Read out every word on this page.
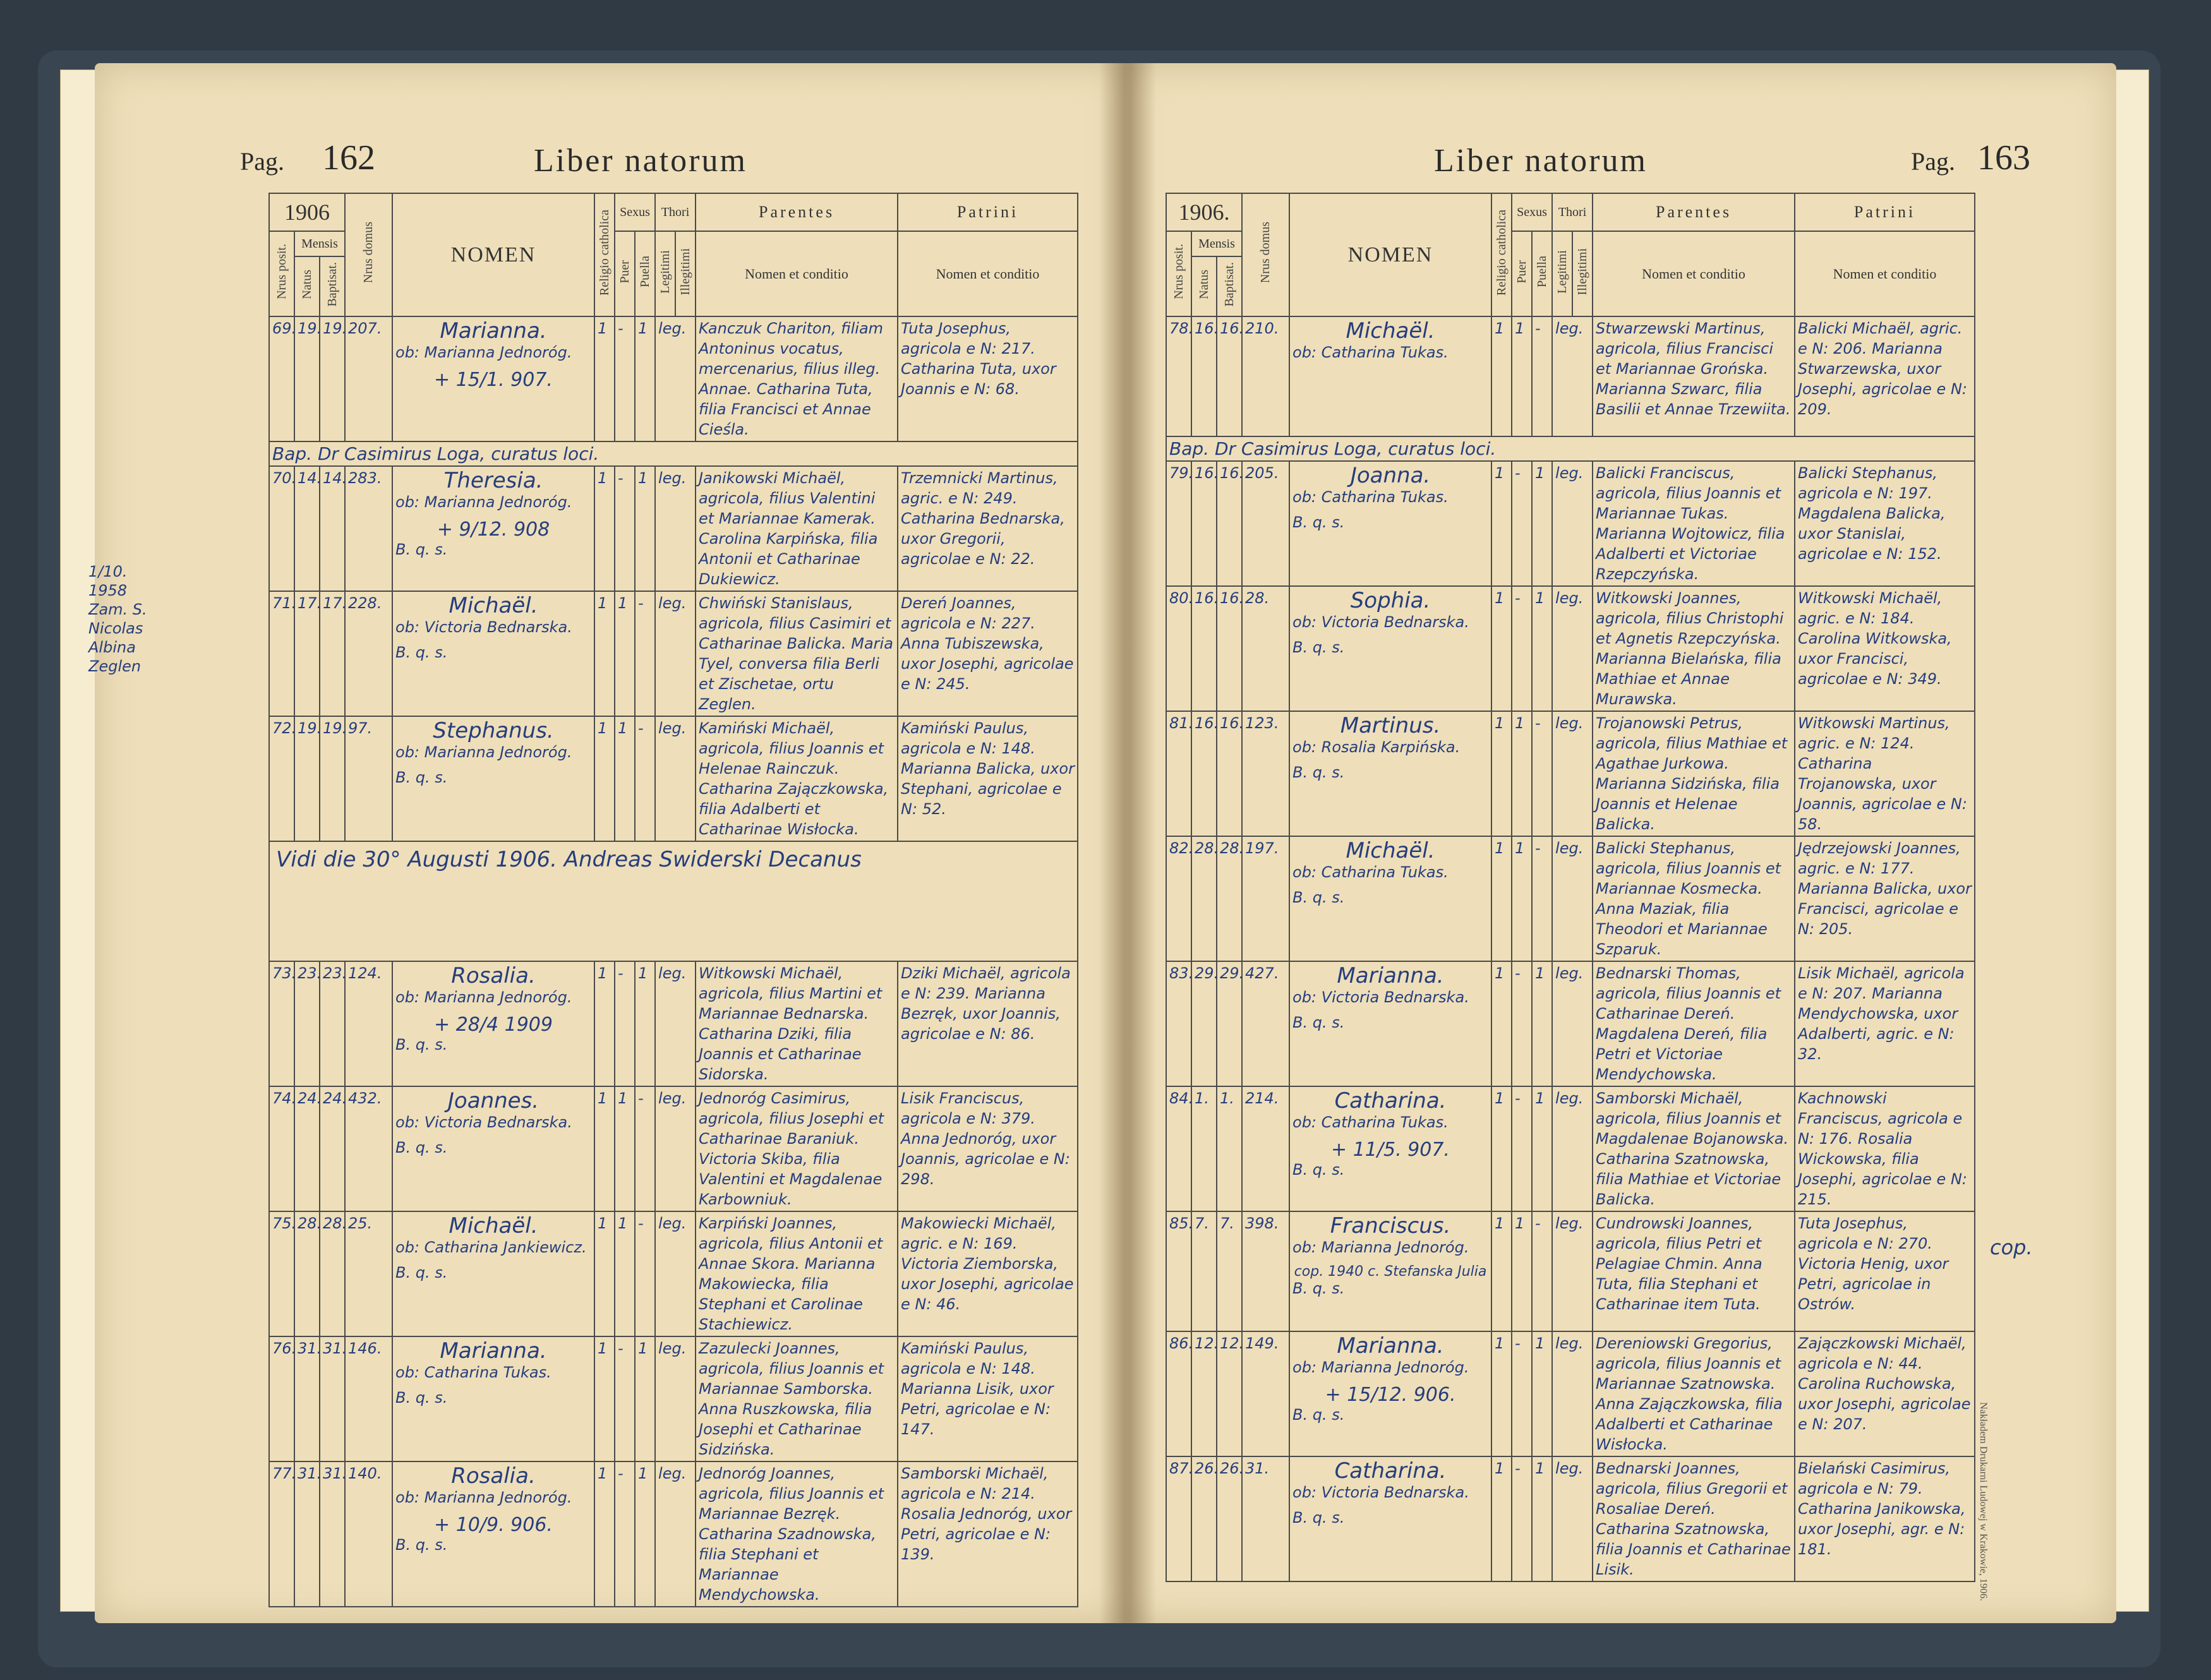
Pag. 162	Liber natorum
1/10. 1958 Zam. S. Nicolas Albina Zeglen
1906			Nrus domus	NOMEN	Religio catholica	Sexus		Thori		Parentes	Patrini
Nrus posit.	Mensis					Puer	Puella	Legitimi	Illegitimi	Nomen et conditio	Nomen et conditio
	Natus	Baptisat.									
69.	19.	19.	207.	Marianna.
ob: Marianna Jednoróg.
+ 15/1. 907.	1	-	1	leg.		Kanczuk Chariton, filiam Antoninus vocatus, mercenarius, filius illeg. Annae. Catharina Tuta, filia Francisci et Annae Cieśla.	Tuta Josephus, agricola e N: 217. Catharina Tuta, uxor Joannis e N: 68.
Bap. Dr Casimirus Loga, curatus loci.											
70.	14.	14.	283.	Theresia.
ob: Marianna Jednoróg.
+ 9/12. 908
B. q. s.	1	-	1	leg.		Janikowski Michaël, agricola, filius Valentini et Mariannae Kamerak. Carolina Karpińska, filia Antonii et Catharinae Dukiewicz.	Trzemnicki Martinus, agric. e N: 249. Catharina Bednarska, uxor Gregorii, agricolae e N: 22.
71.	17.	17.	228.	Michaël.
ob: Victoria Bednarska.
B. q. s.	1	1	-	leg.		Chwiński Stanislaus, agricola, filius Casimiri et Catharinae Balicka. Maria Tyel, conversa filia Berli et Zischetae, ortu Zeglen.	Dereń Joannes, agricola e N: 227. Anna Tubiszewska, uxor Josephi, agricolae e N: 245.
72.	19.	19.	97.	Stephanus.
ob: Marianna Jednoróg.
B. q. s.	1	1	-	leg.		Kamiński Michaël, agricola, filius Joannis et Helenae Rainczuk. Catharina Zajączkowska, filia Adalberti et Catharinae Wisłocka.	Kamiński Paulus, agricola e N: 148. Marianna Balicka, uxor Stephani, agricolae e N: 52.
Vidi die 30° Augusti 1906. Andreas Swiderski Decanus											
73.	23.	23.	124.	Rosalia.
ob: Marianna Jednoróg.
+ 28/4 1909
B. q. s.	1	-	1	leg.		Witkowski Michaël, agricola, filius Martini et Mariannae Bednarska. Catharina Dziki, filia Joannis et Catharinae Sidorska.	Dziki Michaël, agricola e N: 239. Marianna Bezręk, uxor Joannis, agricolae e N: 86.
74.	24.	24.	432.	Joannes.
ob: Victoria Bednarska.
B. q. s.	1	1	-	leg.		Jednoróg Casimirus, agricola, filius Josephi et Catharinae Baraniuk. Victoria Skiba, filia Valentini et Magdalenae Karbowniuk.	Lisik Franciscus, agricola e N: 379. Anna Jednoróg, uxor Joannis, agricolae e N: 298.
75.	28.	28.	25.	Michaël.
ob: Catharina Jankiewicz.
B. q. s.	1	1	-	leg.		Karpiński Joannes, agricola, filius Antonii et Annae Skora. Marianna Makowiecka, filia Stephani et Carolinae Stachiewicz.	Makowiecki Michaël, agric. e N: 169. Victoria Ziemborska, uxor Josephi, agricolae e N: 46.
76.	31.	31.	146.	Marianna.
ob: Catharina Tukas.
B. q. s.	1	-	1	leg.		Zazulecki Joannes, agricola, filius Joannis et Mariannae Samborska. Anna Ruszkowska, filia Josephi et Catharinae Sidzińska.	Kamiński Paulus, agricola e N: 148. Marianna Lisik, uxor Petri, agricolae e N: 147.
77.	31.	31.	140.	Rosalia.
ob: Marianna Jednoróg.
+ 10/9. 906.
B. q. s.	1	-	1	leg.		Jednoróg Joannes, agricola, filius Joannis et Mariannae Bezręk. Catharina Szadnowska, filia Stephani et Mariannae Mendychowska.	Samborski Michaël, agricola e N: 214. Rosalia Jednoróg, uxor Petri, agricolae e N: 139.
Liber natorum	Pag. 163
cop.
Nakładem Drukarni Ludowej w Krakowie, 1906.
1906.			Nrus domus	NOMEN	Religio catholica	Sexus		Thori		Parentes	Patrini
Nrus posit.	Mensis					Puer	Puella	Legitimi	Illegitimi	Nomen et conditio	Nomen et conditio
	Natus	Baptisat.									
78.	16.	16.	210.	Michaël.
ob: Catharina Tukas.	1	1	-	leg.		Stwarzewski Martinus, agricola, filius Francisci et Mariannae Grońska. Marianna Szwarc, filia Basilii et Annae Trzewiita.	Balicki Michaël, agric. e N: 206. Marianna Stwarzewska, uxor Josephi, agricolae e N: 209.
Bap. Dr Casimirus Loga, curatus loci.											
79.	16.	16.	205.	Joanna.
ob: Catharina Tukas.
B. q. s.	1	-	1	leg.		Balicki Franciscus, agricola, filius Joannis et Mariannae Tukas. Marianna Wojtowicz, filia Adalberti et Victoriae Rzepczyńska.	Balicki Stephanus, agricola e N: 197. Magdalena Balicka, uxor Stanislai, agricolae e N: 152.
80.	16.	16.	28.	Sophia.
ob: Victoria Bednarska.
B. q. s.	1	-	1	leg.		Witkowski Joannes, agricola, filius Christophi et Agnetis Rzepczyńska. Marianna Bielańska, filia Mathiae et Annae Murawska.	Witkowski Michaël, agric. e N: 184. Carolina Witkowska, uxor Francisci, agricolae e N: 349.
81.	16.	16.	123.	Martinus.
ob: Rosalia Karpińska.
B. q. s.	1	1	-	leg.		Trojanowski Petrus, agricola, filius Mathiae et Agathae Jurkowa. Marianna Sidzińska, filia Joannis et Helenae Balicka.	Witkowski Martinus, agric. e N: 124. Catharina Trojanowska, uxor Joannis, agricolae e N: 58.
82.	28.	28.	197.	Michaël.
ob: Catharina Tukas.
B. q. s.	1	1	-	leg.		Balicki Stephanus, agricola, filius Joannis et Mariannae Kosmecka. Anna Maziak, filia Theodori et Mariannae Szparuk.	Jędrzejowski Joannes, agric. e N: 177. Marianna Balicka, uxor Francisci, agricolae e N: 205.
83.	29.	29.	427.	Marianna.
ob: Victoria Bednarska.
B. q. s.	1	-	1	leg.		Bednarski Thomas, agricola, filius Joannis et Catharinae Dereń. Magdalena Dereń, filia Petri et Victoriae Mendychowska.	Lisik Michaël, agricola e N: 207. Marianna Mendychowska, uxor Adalberti, agric. e N: 32.
84.	1.	1.	214.	Catharina.
ob: Catharina Tukas.
+ 11/5. 907.
B. q. s.	1	-	1	leg.		Samborski Michaël, agricola, filius Joannis et Magdalenae Bojanowska. Catharina Szatnowska, filia Mathiae et Victoriae Balicka.	Kachnowski Franciscus, agricola e N: 176. Rosalia Wickowska, filia Josephi, agricolae e N: 215.
85.	7.	7.	398.	Franciscus.
ob: Marianna Jednoróg.
cop. 1940 c. Stefanska Julia
B. q. s.	1	1	-	leg.		Cundrowski Joannes, agricola, filius Petri et Pelagiae Chmin. Anna Tuta, filia Stephani et Catharinae item Tuta.	Tuta Josephus, agricola e N: 270. Victoria Henig, uxor Petri, agricolae in Ostrów.
86.	12.	12.	149.	Marianna.
ob: Marianna Jednoróg.
+ 15/12. 906.
B. q. s.	1	-	1	leg.		Dereniowski Gregorius, agricola, filius Joannis et Mariannae Szatnowska. Anna Zajączkowska, filia Adalberti et Catharinae Wisłocka.	Zajączkowski Michaël, agricola e N: 44. Carolina Ruchowska, uxor Josephi, agricolae e N: 207.
87.	26.	26.	31.	Catharina.
ob: Victoria Bednarska.
B. q. s.	1	-	1	leg.		Bednarski Joannes, agricola, filius Gregorii et Rosaliae Dereń. Catharina Szatnowska, filia Joannis et Catharinae Lisik.	Bielański Casimirus, agricola e N: 79. Catharina Janikowska, uxor Josephi, agr. e N: 181.
